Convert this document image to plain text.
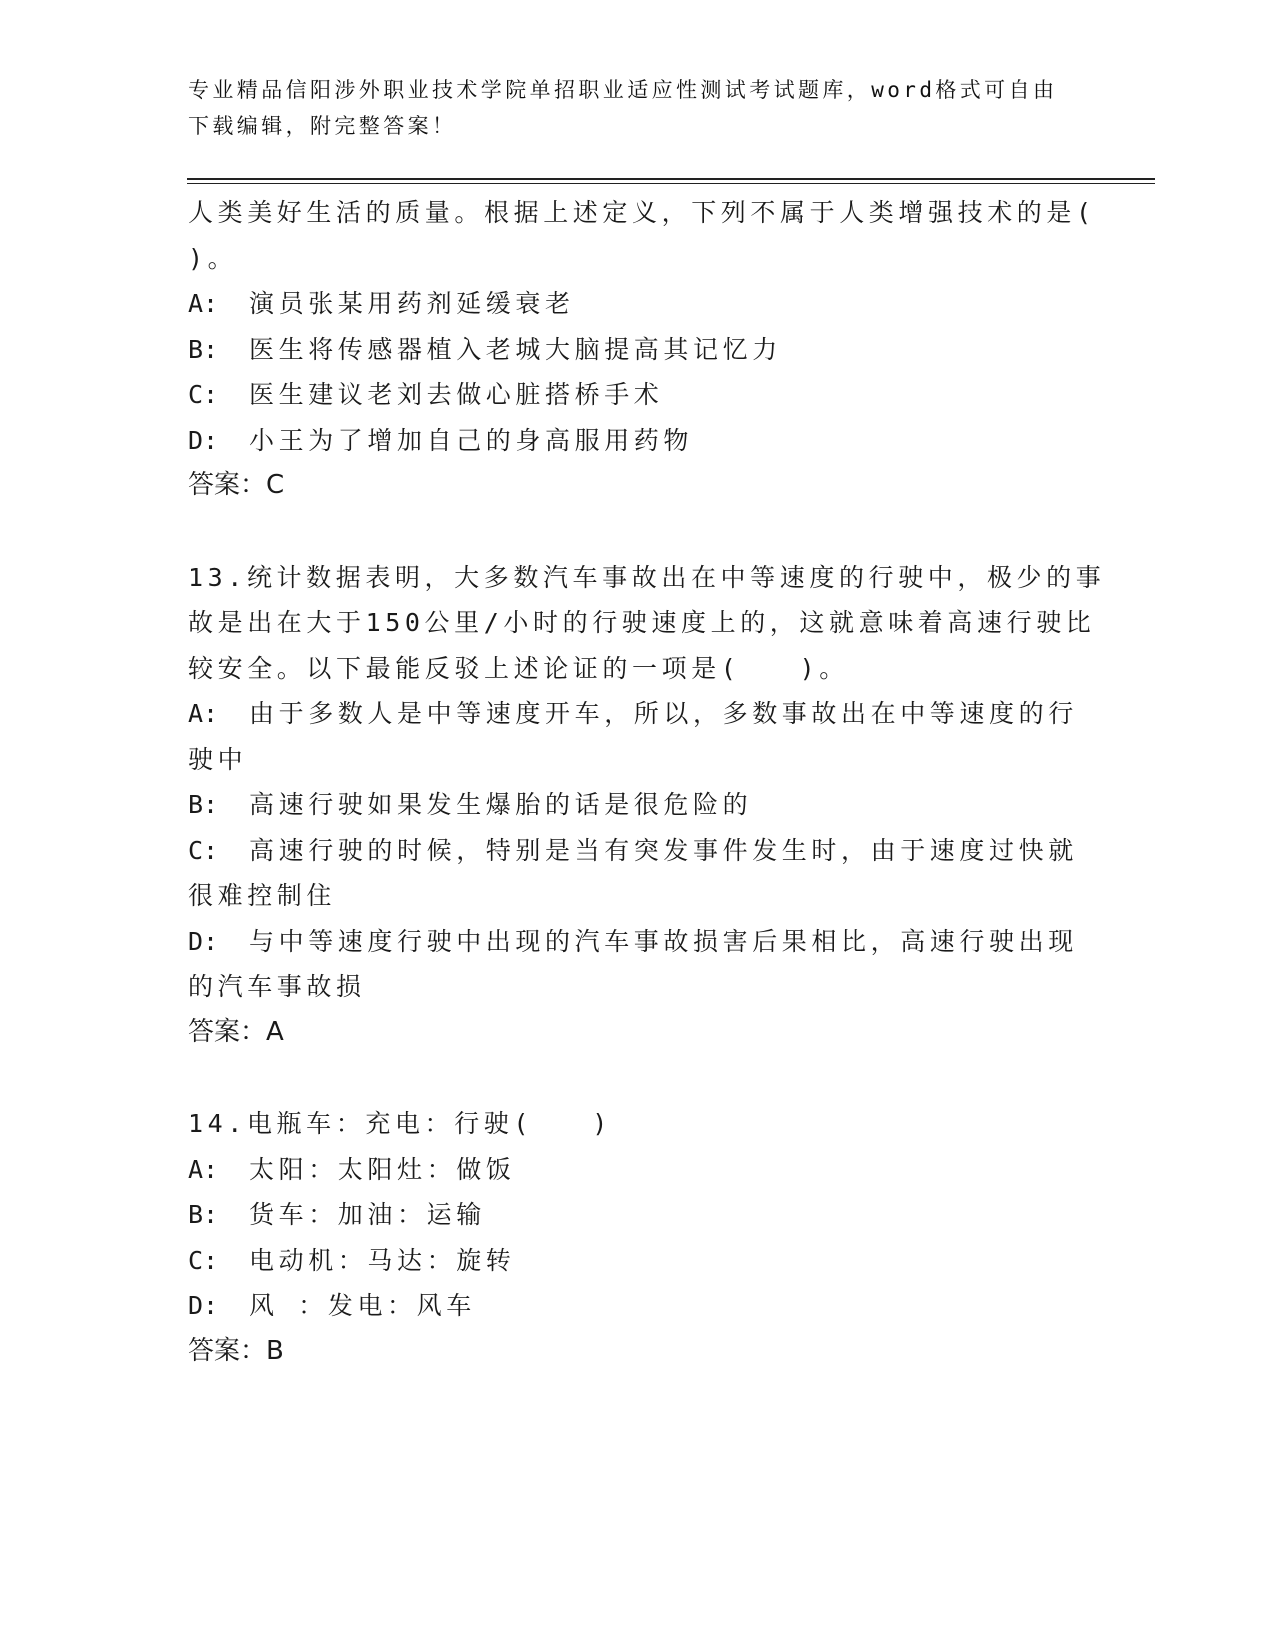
专业精品信阳涉外职业技术学院单招职业适应性测试考试题库，word格式可自由
下载编辑，附完整答案！
人类美好生活的质量。根据上述定义，下列不属于人类增强技术的是(
)。
A: 演员张某用药剂延缓衰老
B: 医生将传感器植入老城大脑提高其记忆力
C: 医生建议老刘去做心脏搭桥手术
D: 小王为了增加自己的身高服用药物
答案：C
13.统计数据表明，大多数汽车事故出在中等速度的行驶中，极少的事
故是出在大于150公里/小时的行驶速度上的，这就意味着高速行驶比
较安全。以下最能反驳上述论证的一项是(　　)。
A: 由于多数人是中等速度开车，所以，多数事故出在中等速度的行
驶中
B: 高速行驶如果发生爆胎的话是很危险的
C: 高速行驶的时候，特别是当有突发事件发生时，由于速度过快就
很难控制住
D: 与中等速度行驶中出现的汽车事故损害后果相比，高速行驶出现
的汽车事故损
答案：A
14.电瓶车：充电：行驶(　　)
A: 太阳：太阳灶：做饭
B: 货车：加油：运输
C: 电动机：马达：旋转
D: 风 ：发电：风车
答案：B
